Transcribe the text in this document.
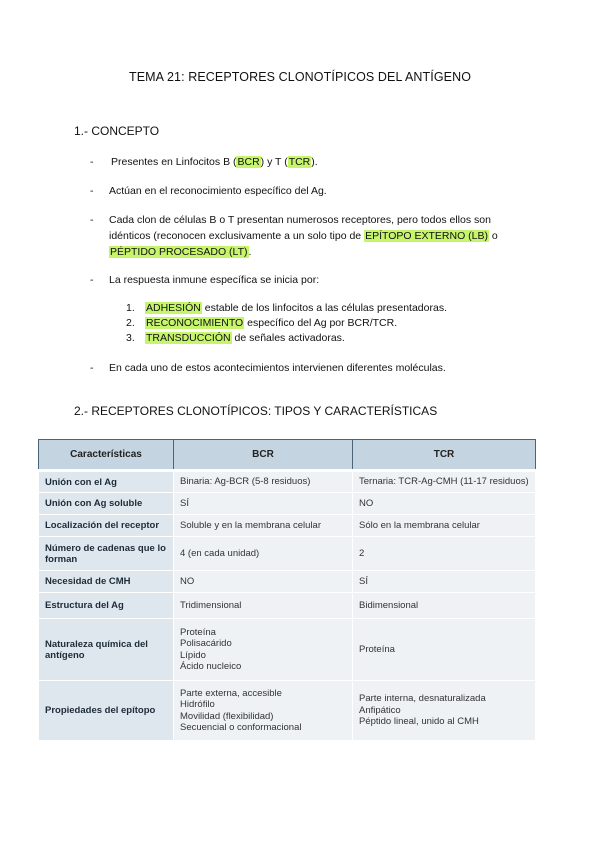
TEMA 21: RECEPTORES CLONOTÍPICOS DEL ANTÍGENO
1.- CONCEPTO
- Presentes en Linfocitos B (BCR) y T (TCR).
- Actúan en el reconocimiento específico del Ag.
- Cada clon de células B o T presentan numerosos receptores, pero todos ellos son idénticos (reconocen exclusivamente a un solo tipo de EPÍTOPO EXTERNO (LB) o PÉPTIDO PROCESADO (LT).
- La respuesta inmune específica se inicia por:
1. ADHESIÓN estable de los linfocitos a las células presentadoras.
2. RECONOCIMIENTO específico del Ag por BCR/TCR.
3. TRANSDUCCIÓN de señales activadoras.
- En cada uno de estos acontecimientos intervienen diferentes moléculas.
2.- RECEPTORES CLONOTÍPICOS: TIPOS Y CARACTERÍSTICAS
Características	BCR	TCR
Unión con el Ag	Binaria: Ag-BCR (5-8 residuos)	Ternaria: TCR-Ag-CMH (11-17 residuos)

Unión con Ag soluble	SÍ	NO

Localización del receptor	Soluble y en la membrana celular	Sólo en la membrana celular

Número de cadenas que lo forman	4 (en cada unidad)	2

Necesidad de CMH	NO	SÍ

Estructura del Ag	Tridimensional	Bidimensional

Naturaleza química del antígeno	Proteína
Polisacárido
Lípido
Ácido nucleico	Proteína

Propiedades del epítopo	Parte externa, accesible
Hidrófilo
Movilidad (flexibilidad)
Secuencial o conformacional	Parte interna, desnaturalizada
Anfipático
Péptido lineal, unido al CMH
